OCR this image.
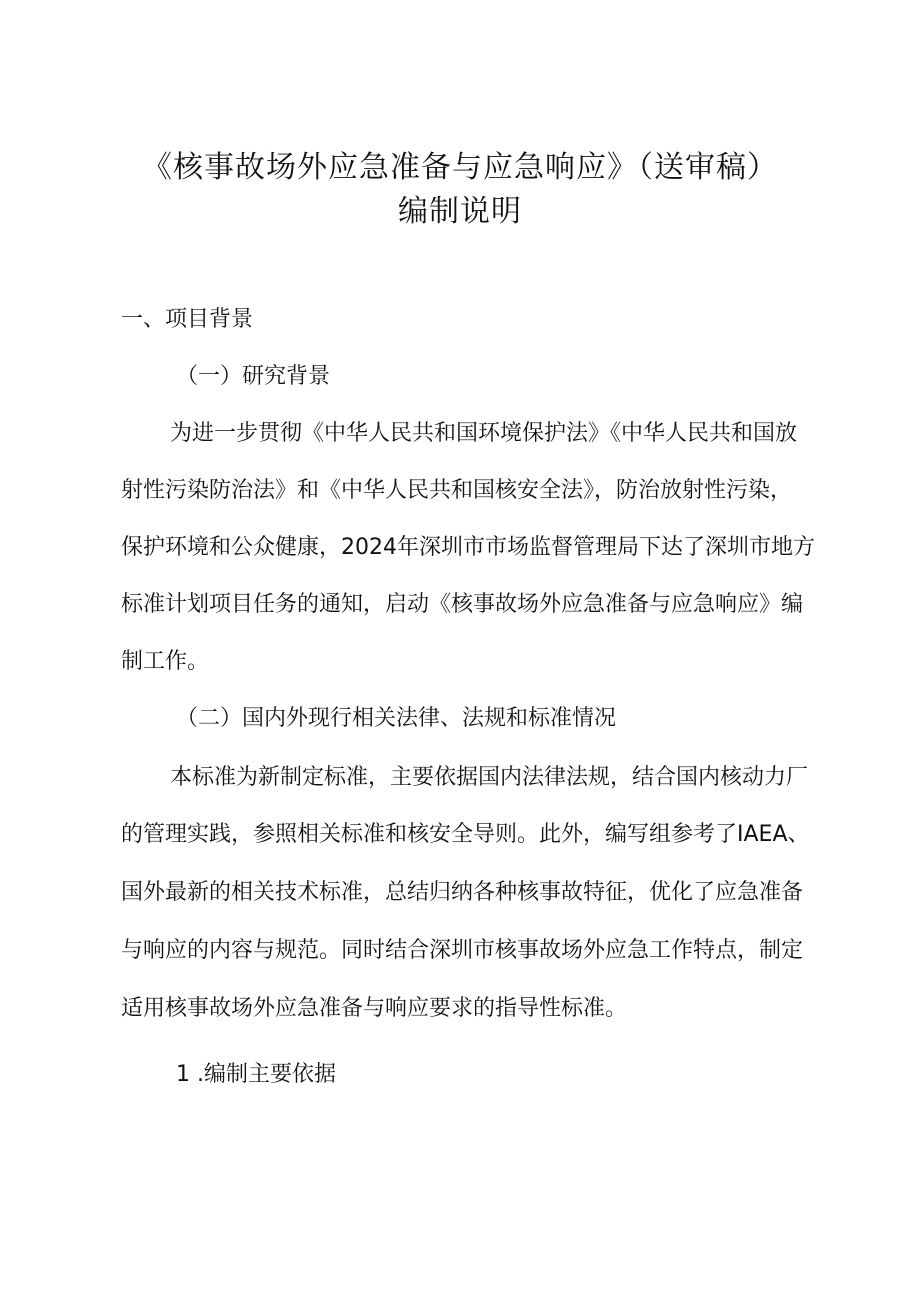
《核事故场外应急准备与应急响应》（送审稿）
编制说明

一、项目背景

（一）研究背景

为进一步贯彻《中华人民共和国环境保护法》《中华人民共和国放

射性污染防治法》和《中华人民共和国核安全法》，防治放射性污染，

保护环境和公众健康，2024年深圳市市场监督管理局下达了深圳市地方

标准计划项目任务的通知，启动《核事故场外应急准备与应急响应》编

制工作。

（二）国内外现行相关法律、法规和标准情况

本标准为新制定标准，主要依据国内法律法规，结合国内核动力厂

的管理实践，参照相关标准和核安全导则。此外，编写组参考了IAEA、

国外最新的相关技术标准，总结归纳各种核事故特征，优化了应急准备

与响应的内容与规范。同时结合深圳市核事故场外应急工作特点，制定

适用核事故场外应急准备与响应要求的指导性标准。

1 .编制主要依据
